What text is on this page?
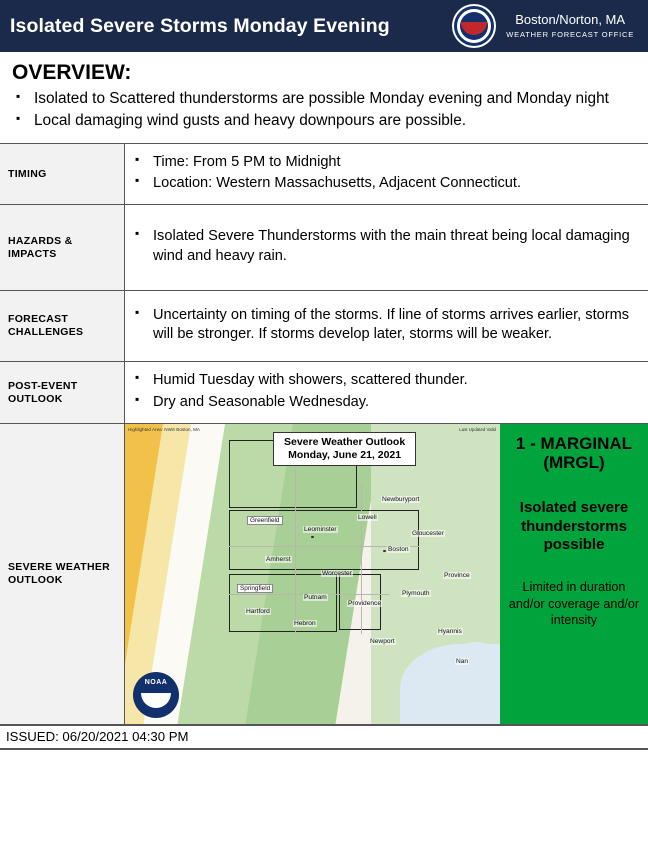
Isolated Severe Storms Monday Evening	Boston/Norton, MA
WEATHER FORECAST OFFICE
OVERVIEW:
▪ Isolated to Scattered thunderstorms are possible Monday evening and Monday night
▪ Local damaging wind gusts and heavy downpours are possible.
TIMING	
▪ Time: From 5 PM to Midnight
▪ Location: Western Massachusetts, Adjacent Connecticut.

HAZARDS & IMPACTS	
▪ Isolated Severe Thunderstorms with the main threat being local damaging wind and heavy rain.

FORECAST CHALLENGES	
▪ Uncertainty on timing of the storms. If line of storms arrives earlier, storms will be stronger. If storms develop later, storms will be weaker.

POST-EVENT OUTLOOK	
▪ Humid Tuesday with showers, scattered thunder.
▪ Dry and Seasonable Wednesday.

SEVERE WEATHER OUTLOOK	
Highlighted Area: NWS Boston, MA	Last Updated Valid
Severe Weather Outlook
Monday, June 21, 2021
Greenfield
Leominster
Lowell
Newburyport
Gloucester
Boston
Amherst
Worcester
Springfield
Putnam
Providence
Plymouth
Province
Hartford
Hebron
Hyannis
Newport
Nan
NOAA
1 - MARGINAL
(MRGL)
Isolated severe thunderstorms possible
Limited in duration and/or coverage and/or intensity
ISSUED: 06/20/2021 04:30 PM
